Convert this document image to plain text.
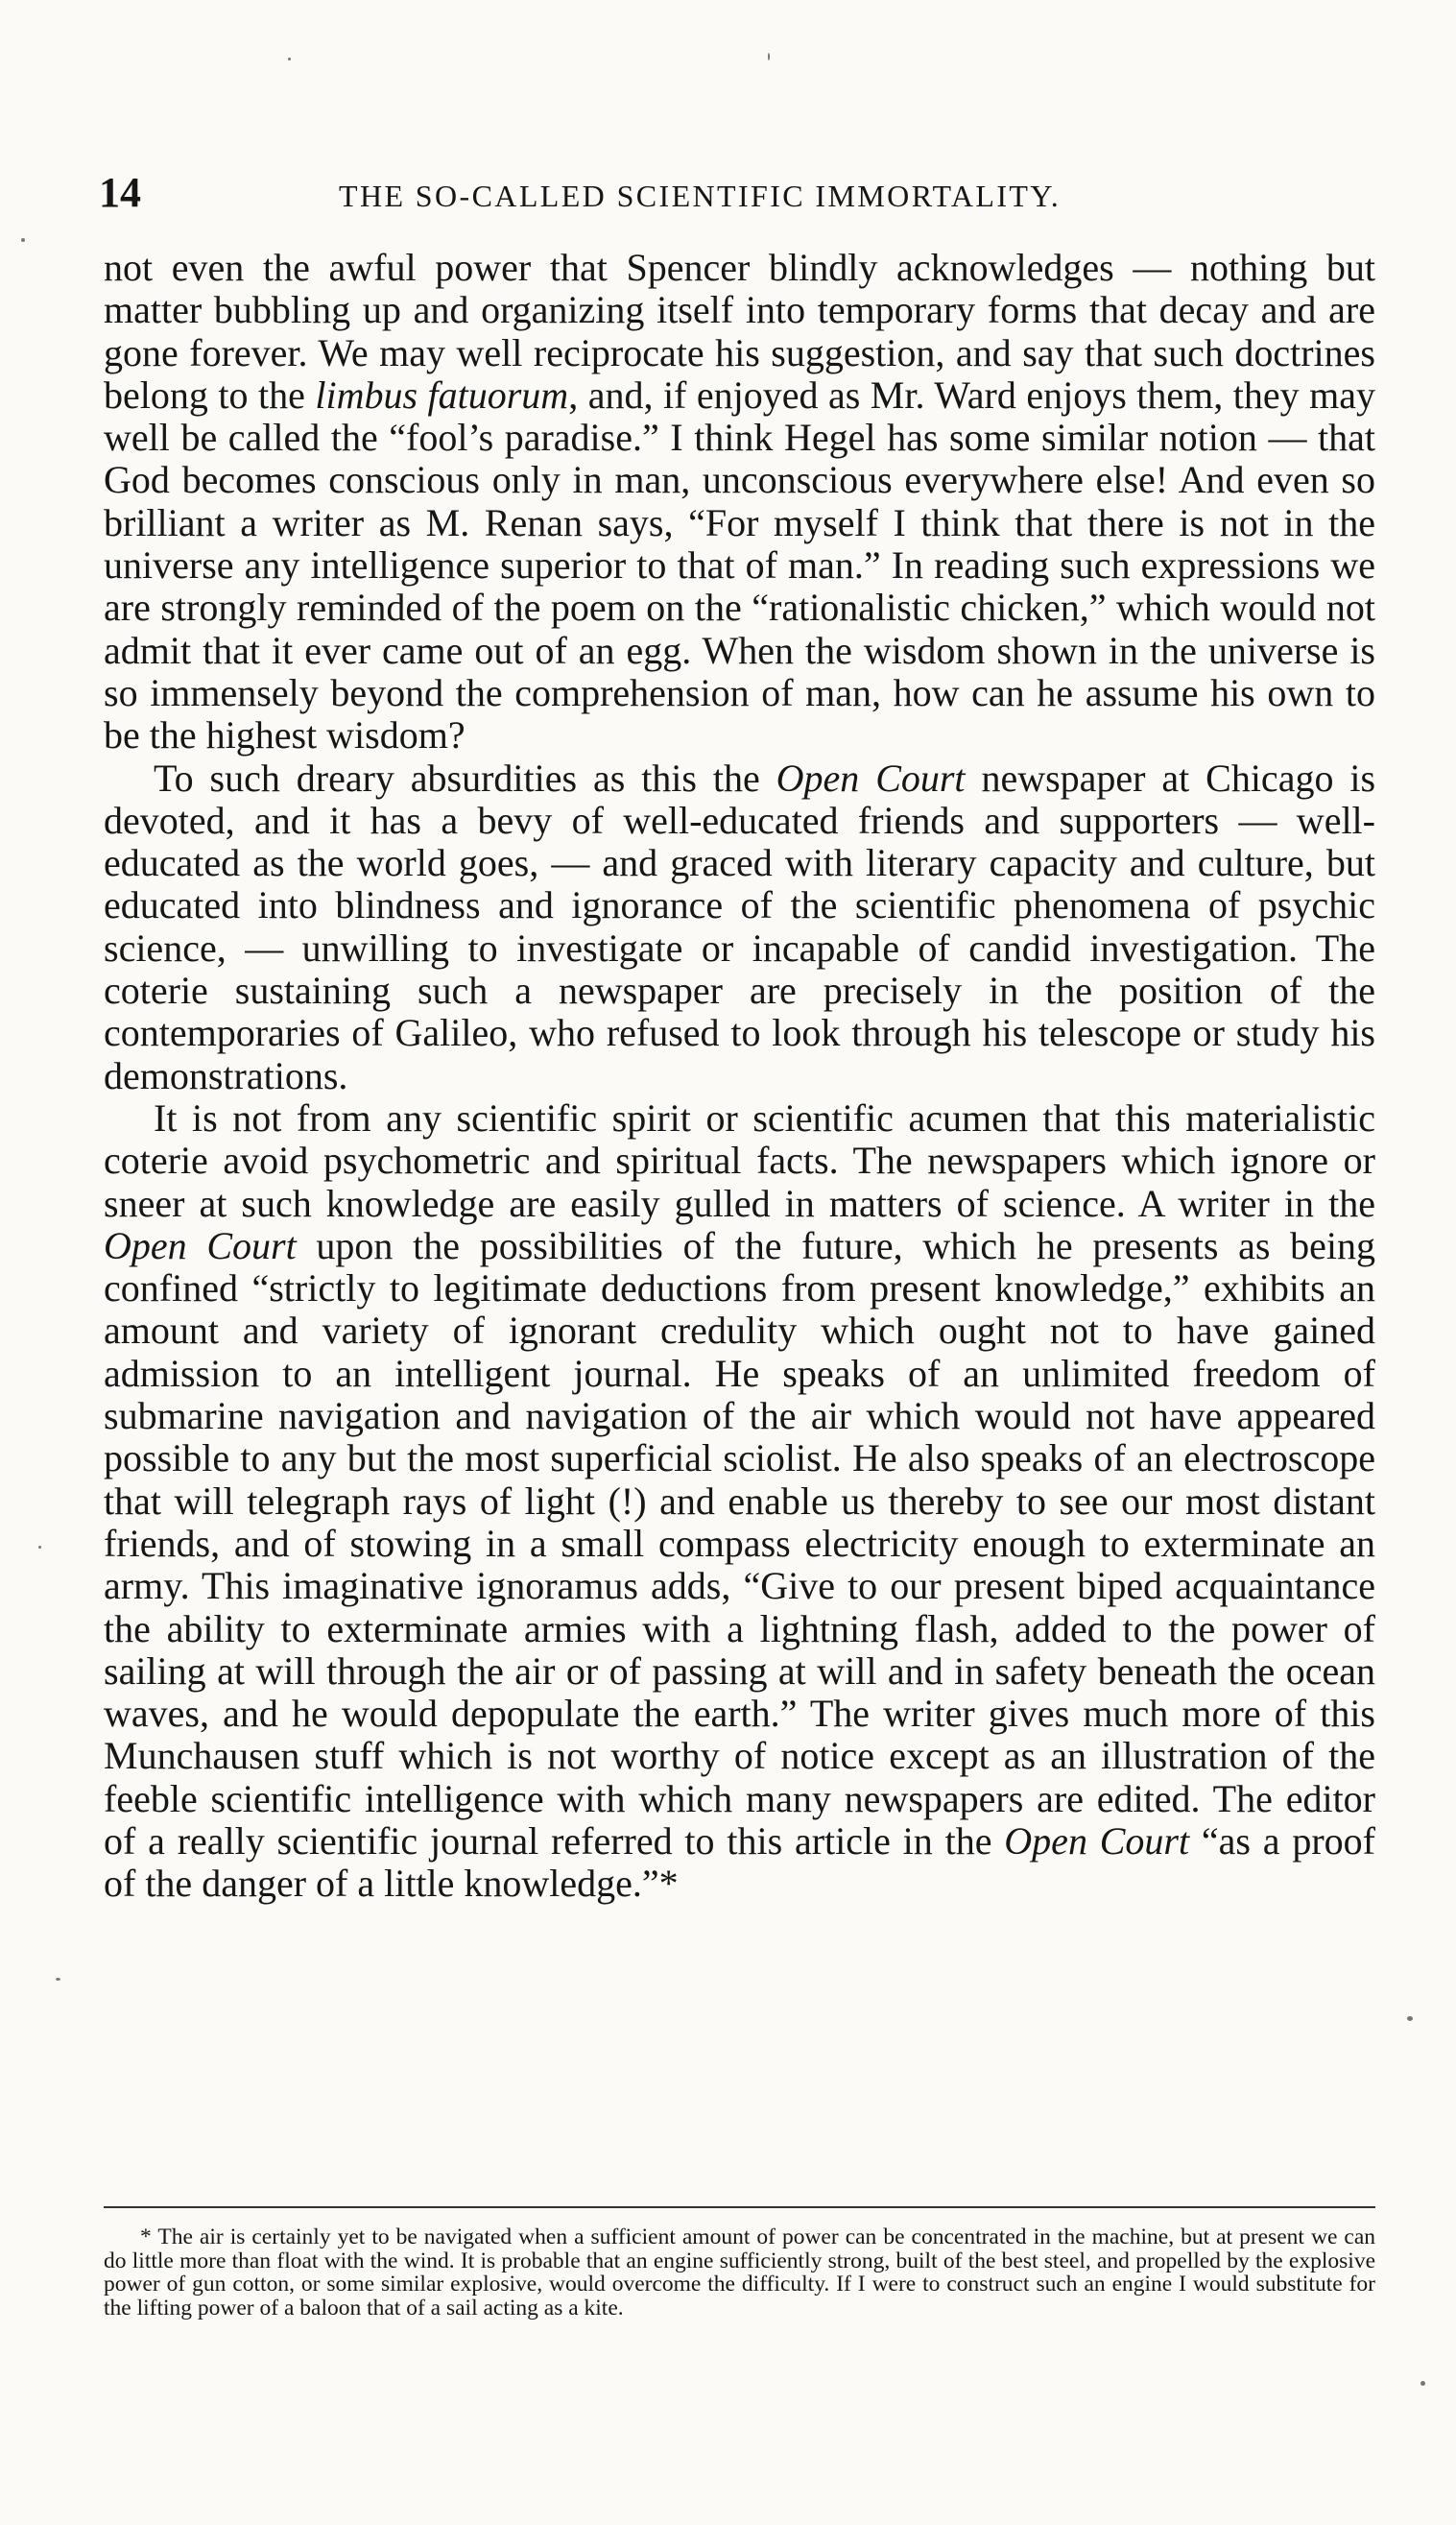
14	THE SO-CALLED SCIENTIFIC IMMORTALITY.

not even the awful power that Spencer blindly acknowledges — nothing but matter bubbling up and organizing itself into temporary forms that decay and are gone forever. We may well reciprocate his suggestion, and say that such doctrines belong to the limbus fatuorum, and, if enjoyed as Mr. Ward enjoys them, they may well be called the “fool’s paradise.” I think Hegel has some similar notion — that God becomes conscious only in man, unconscious everywhere else! And even so brilliant a writer as M. Renan says, “For myself I think that there is not in the universe any intelligence superior to that of man.” In reading such expressions we are strongly reminded of the poem on the “rationalistic chicken,” which would not admit that it ever came out of an egg. When the wisdom shown in the universe is so immensely beyond the comprehension of man, how can he assume his own to be the highest wisdom?

To such dreary absurdities as this the Open Court newspaper at Chicago is devoted, and it has a bevy of well-educated friends and supporters — well-educated as the world goes, — and graced with literary capacity and culture, but educated into blindness and ignorance of the scientific phenomena of psychic science, — unwilling to investigate or incapable of candid investigation. The coterie sustaining such a newspaper are precisely in the position of the contemporaries of Galileo, who refused to look through his telescope or study his demonstrations.

It is not from any scientific spirit or scientific acumen that this materialistic coterie avoid psychometric and spiritual facts. The newspapers which ignore or sneer at such knowledge are easily gulled in matters of science. A writer in the Open Court upon the possibilities of the future, which he presents as being confined “strictly to legitimate deductions from present knowledge,” exhibits an amount and variety of ignorant credulity which ought not to have gained admission to an intelligent journal. He speaks of an unlimited freedom of submarine navigation and navigation of the air which would not have appeared possible to any but the most superficial sciolist. He also speaks of an electroscope that will telegraph rays of light (!) and enable us thereby to see our most distant friends, and of stowing in a small compass electricity enough to exterminate an army. This imaginative ignoramus adds, “Give to our present biped acquaintance the ability to exterminate armies with a lightning flash, added to the power of sailing at will through the air or of passing at will and in safety beneath the ocean waves, and he would depopulate the earth.” The writer gives much more of this Munchausen stuff which is not worthy of notice except as an illustration of the feeble scientific intelligence with which many newspapers are edited. The editor of a really scientific journal referred to this article in the Open Court “as a proof of the danger of a little knowledge.”*

* The air is certainly yet to be navigated when a sufficient amount of power can be concentrated in the machine, but at present we can do little more than float with the wind. It is probable that an engine sufficiently strong, built of the best steel, and propelled by the explosive power of gun cotton, or some similar explosive, would overcome the difficulty. If I were to construct such an engine I would substitute for the lifting power of a baloon that of a sail acting as a kite.
